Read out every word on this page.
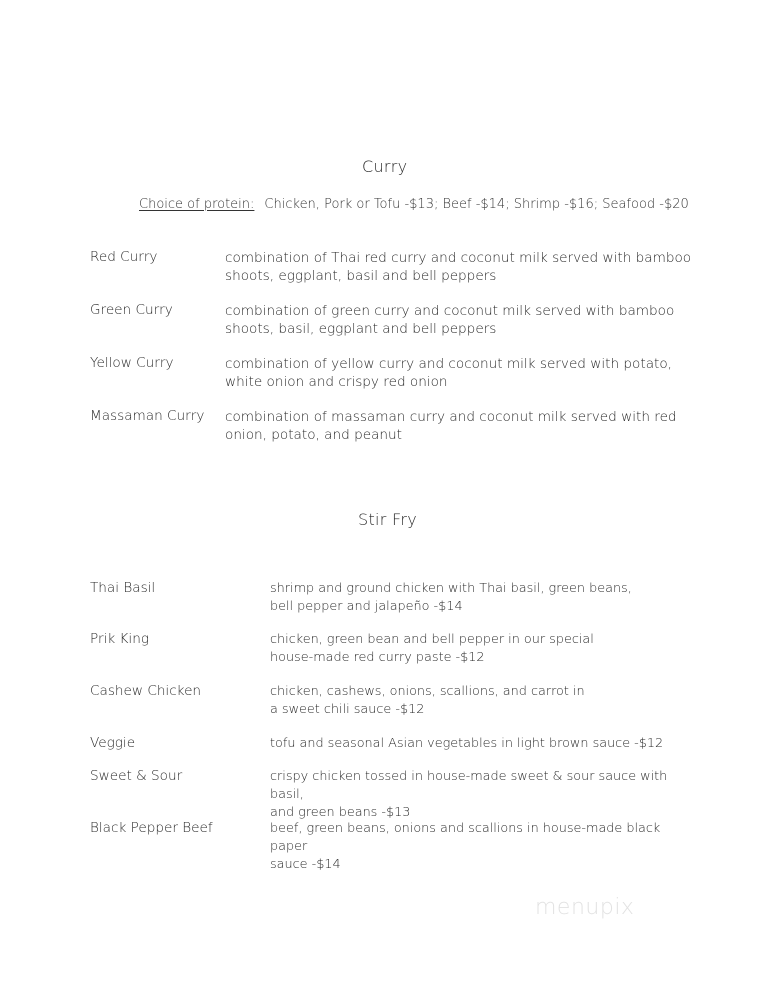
Curry
Choice of protein: Chicken, Pork or Tofu -$13; Beef -$14; Shrimp -$16; Seafood -$20
Red Curry	combination of Thai red curry and coconut milk served with bamboo shoots, eggplant, basil and bell peppers
Green Curry	combination of green curry and coconut milk served with bamboo shoots, basil, eggplant and bell peppers
Yellow Curry	combination of yellow curry and coconut milk served with potato, white onion and crispy red onion
Massaman Curry combination of massaman curry and coconut milk served with red onion, potato, and peanut
Stir Fry
Thai Basil	shrimp and ground chicken with Thai basil, green beans,
bell pepper and jalapeño -$14
Prik King	chicken, green bean and bell pepper in our special
house-made red curry paste -$12
Cashew Chicken	chicken, cashews, onions, scallions, and carrot in
a sweet chili sauce -$12
Veggie	tofu and seasonal Asian vegetables in light brown sauce -$12
Sweet & Sour	crispy chicken tossed in house-made sweet & sour sauce with basil,
and green beans -$13
Black Pepper Beef	beef, green beans, onions and scallions in house-made black paper
sauce -$14
menupix
